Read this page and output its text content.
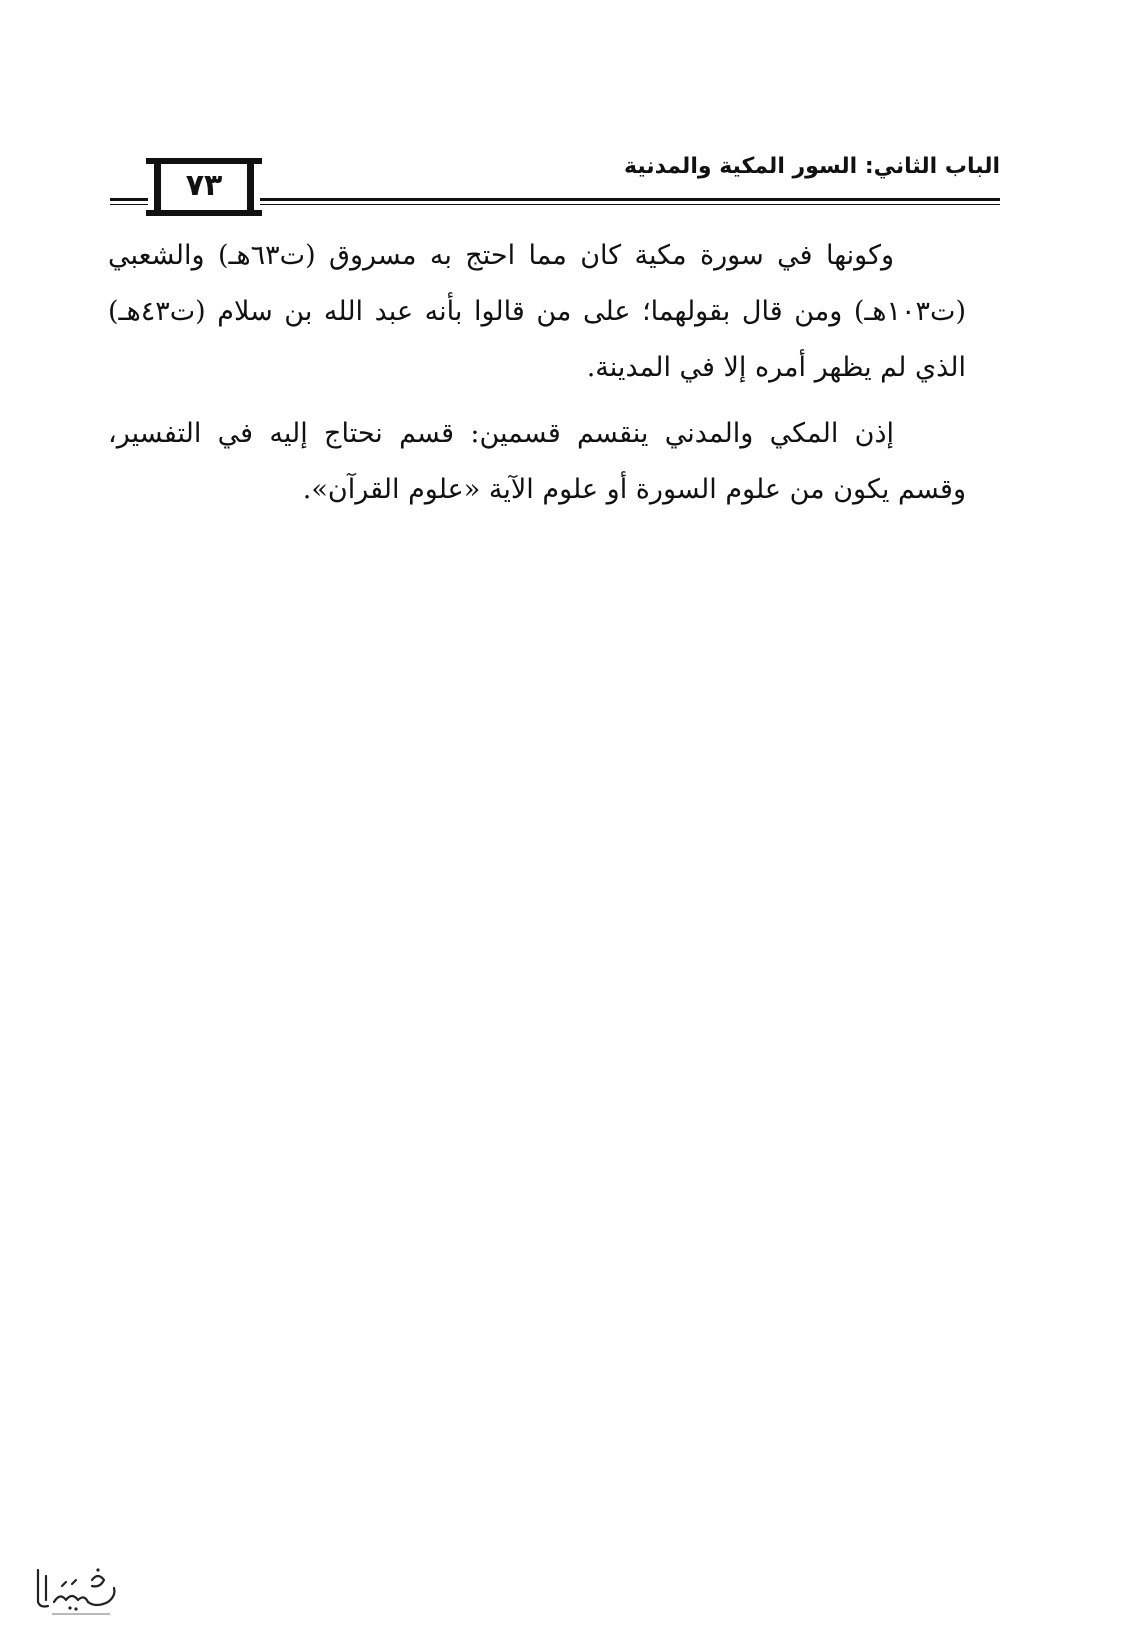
الباب الثاني: السور المكية والمدنية
٧٣

وكونها في سورة مكية كان مما احتج به مسروق (ت٦٣هـ) والشعبي (ت١٠٣هـ) ومن قال بقولهما؛ على من قالوا بأنه عبد الله بن سلام (ت٤٣هـ) الذي لم يظهر أمره إلا في المدينة.

إذن المكي والمدني ينقسم قسمين: قسم نحتاج إليه في التفسير، وقسم يكون من علوم السورة أو علوم الآية «علوم القرآن».
